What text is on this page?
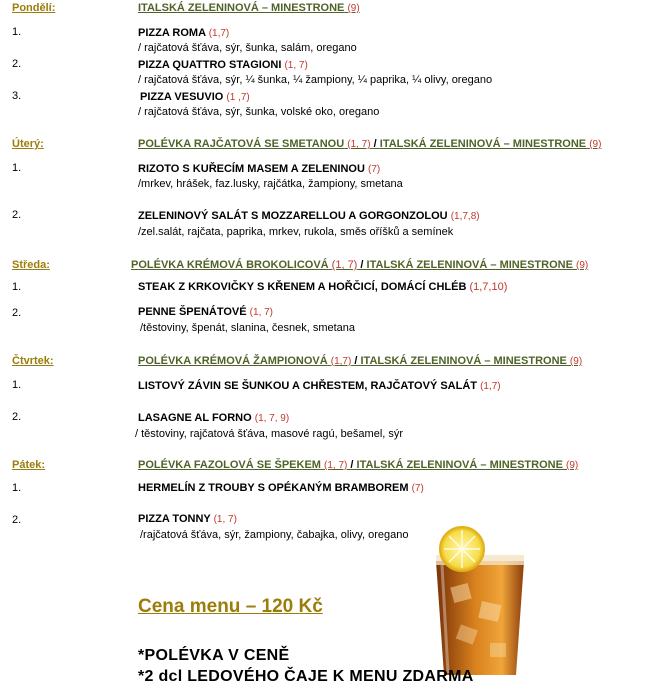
Pondělí:	ITALSKÁ ZELENINOVÁ – MINESTRONE (9)
1.	PIZZA ROMA (1,7)
/ rajčatová šťáva, sýr, šunka, salám, oregano
2.	PIZZA QUATTRO STAGIONI (1, 7)
/ rajčatová šťáva, sýr, ¼ šunka, ¼ žampiony, ¼ paprika, ¼ olivy, oregano
3.	PIZZA VESUVIO (1 ,7)
/ rajčatová šťáva, sýr, šunka, volské oko, oregano
Úterý:	POLÉVKA RAJČATOVÁ SE SMETANOU (1, 7) / ITALSKÁ ZELENINOVÁ – MINESTRONE (9)
1.	RIZOTO S KUŘECÍM MASEM A ZELENINOU (7)
/mrkev, hrášek, faz.lusky, rajčátka, žampiony, smetana
2.	ZELENINOVÝ SALÁT S MOZZARELLOU A GORGONZOLOU (1,7,8)
/zel.salát, rajčata, paprika, mrkev, rukola, směs oříšků a semínek
Středa:	POLÉVKA KRÉMOVÁ BROKOLICOVÁ (1, 7) / ITALSKÁ ZELENINOVÁ – MINESTRONE (9)
1.	STEAK Z KRKOVIČKY S KŘENEM A HOŘČICÍ, DOMÁCÍ CHLÉB (1,7,10)
2.	PENNE ŠPENÁTOVÉ (1, 7)
/těstoviny, špenát, slanina, česnek, smetana
Čtvrtek:	POLÉVKA KRÉMOVÁ ŽAMPIONOVÁ (1,7) / ITALSKÁ ZELENINOVÁ – MINESTRONE (9)
1.	LISTOVÝ ZÁVIN SE ŠUNKOU A CHŘESTEM, RAJČATOVÝ SALÁT (1,7)
2.	LASAGNE AL FORNO (1, 7, 9)
/ těstoviny, rajčatová šťáva, masové ragú, bešamel, sýr
Pátek:	POLÉVKA FAZOLOVÁ SE ŠPEKEM (1, 7) / ITALSKÁ ZELENINOVÁ – MINESTRONE (9)
1.	HERMELÍN Z TROUBY S OPÉKANÝM BRAMBOREM (7)
2.	PIZZA TONNY (1, 7)
/rajčatová šťáva, sýr, žampiony, čabajka, olivy, oregano
Cena menu – 120 Kč
*POLÉVKA V CENĚ
*2 dcl LEDOVÉHO ČAJE K MENU ZDARMA
